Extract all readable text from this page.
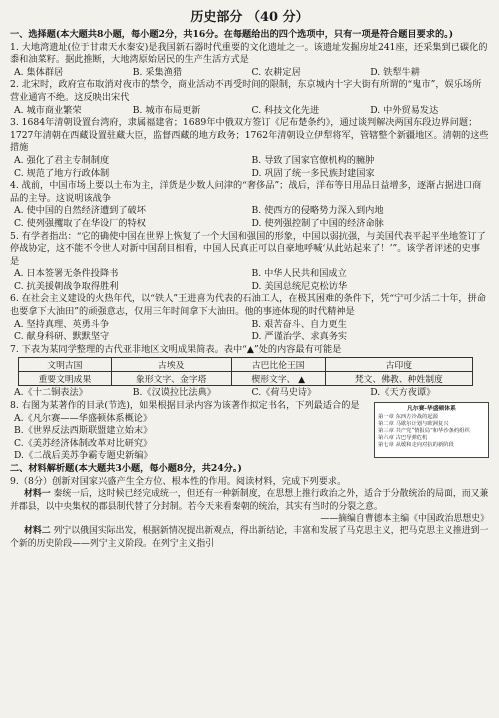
历史部分 （40 分）

一、选择题(本大题共8小题，每小题2分，共16分。在每题给出的四个选项中，只有一项是符合题目要求的。)

1. 大地湾遗址(位于甘肃天水秦安)是我国新石器时代重要的文化遗址之一。该遗址发掘房址241座，还采集到已碳化的黍和油菜籽。据此推断，大地湾原始居民的生产生活方式是

A. 集体群居	B. 采集渔猎	C. 农耕定居	D. 铁犁牛耕

2. 北宋时，政府宣布取消对夜市的禁令，商业活动不再受时间的限制，东京城内十字大街有所谓的“鬼市”，娱乐场所营业通宵不绝。这反映出宋代

A. 城市商业繁荣	B. 城市布局更新	C. 科技文化先进	D. 中外贸易发达

3. 1684年清朝设置台湾府，隶属福建省；1689年中俄双方签订《尼布楚条约》，通过谈判解决两国东段边界问题；1727年清朝在西藏设置驻藏大臣，监督西藏的地方政务；1762年清朝设立伊犁将军，管辖整个新疆地区。清朝的这些措施

A. 强化了君主专制制度	B. 导致了国家官僚机构的臃肿
C. 规范了地方行政体制	D. 巩固了统一多民族封建国家

4. 战前，中国市场上要以土布为主，洋货是少数人问津的“奢侈品”；战后，洋布等日用品日益增多，逐渐占据进口商品的主导。这说明该战争

A. 使中国的自然经济遭到了破坏	B. 使西方的侵略势力深入到内地
C. 使列强攫取了在华设厂的特权	D. 使列强控制了中国的经济命脉

5. 有学者指出：“它的确使中国在世界上恢复了一个大国和强国的形象，中国以弱抗强，与美国代表平起平坐地签订了停战协定，这不能不令世人对新中国刮目相看，中国人民真正可以自豪地呼喊‘从此站起来了！’”。该学者评述的史事是

A. 日本签署无条件投降书	B. 中华人民共和国成立
C. 抗美援朝战争取得胜利	D. 美国总统尼克松访华

6. 在社会主义建设的火热年代，以“铁人”王进喜为代表的石油工人，在极其困难的条件下，凭“宁可少活二十年，拼命也要拿下大油田”的顽强意志，仅用三年时间拿下大油田。他的事迹体现的时代精神是

A. 坚持真理、英勇斗争	B. 艰苦奋斗、自力更生
C. 献身科研、默默坚守	D. 严谨治学、求真务实

7. 下表为某同学整理的古代亚非地区文明成果简表。表中“▲”处的内容最有可能是

文明古国	古埃及	古巴比伦王国	古印度
重要文明成果	象形文字、金字塔	楔形文字、 ▲	梵文、佛教、种姓制度
A.《十二铜表法》	B.《汉谟拉比法典》	C.《荷马史诗》	D.《天方夜谭》

8. 右图为某著作的目录(节选)，如果根据目录内容为该著作拟定书名，下列最适合的是

A.《凡尔赛——华盛顿体系概论》
B.《世界反法西斯联盟建立始末》
C.《美苏经济体制改革对比研究》
D.《二战后美苏争霸专题史新编》
凡尔赛-华盛顿体系
第一章 东西方冷战的起源
第二章 马歇尔计划与欧洲复兴
第三章 共产党“情报局”和华沙条约组织
第六章 古巴导弹危机
第七章 从缓和走向对抗的新阶段

二、材料解析题(本大题共3小题，每小题8分，共24分。)

9.（8分）创新对国家兴盛产生全方位、根本性的作用。阅读材料，完成下列要求。

材料一 秦统一后，这时候已经完成统一，但还有一种新制度，在思想上推行政治之外，适合于分散统治的局面，而又兼并郡县，以中央集权的郡县制代替了分封制。若今天来看秦朝的统治，其实有当时的分裂之意。

——摘编自曹德本主编《中国政治思想史》

材料二 列宁以俄国实际出发，根据新情况提出新观点，得出新结论，丰富和发展了马克思主义，把马克思主义推进到一个新的历史阶段——列宁主义阶段。在列宁主义指引
